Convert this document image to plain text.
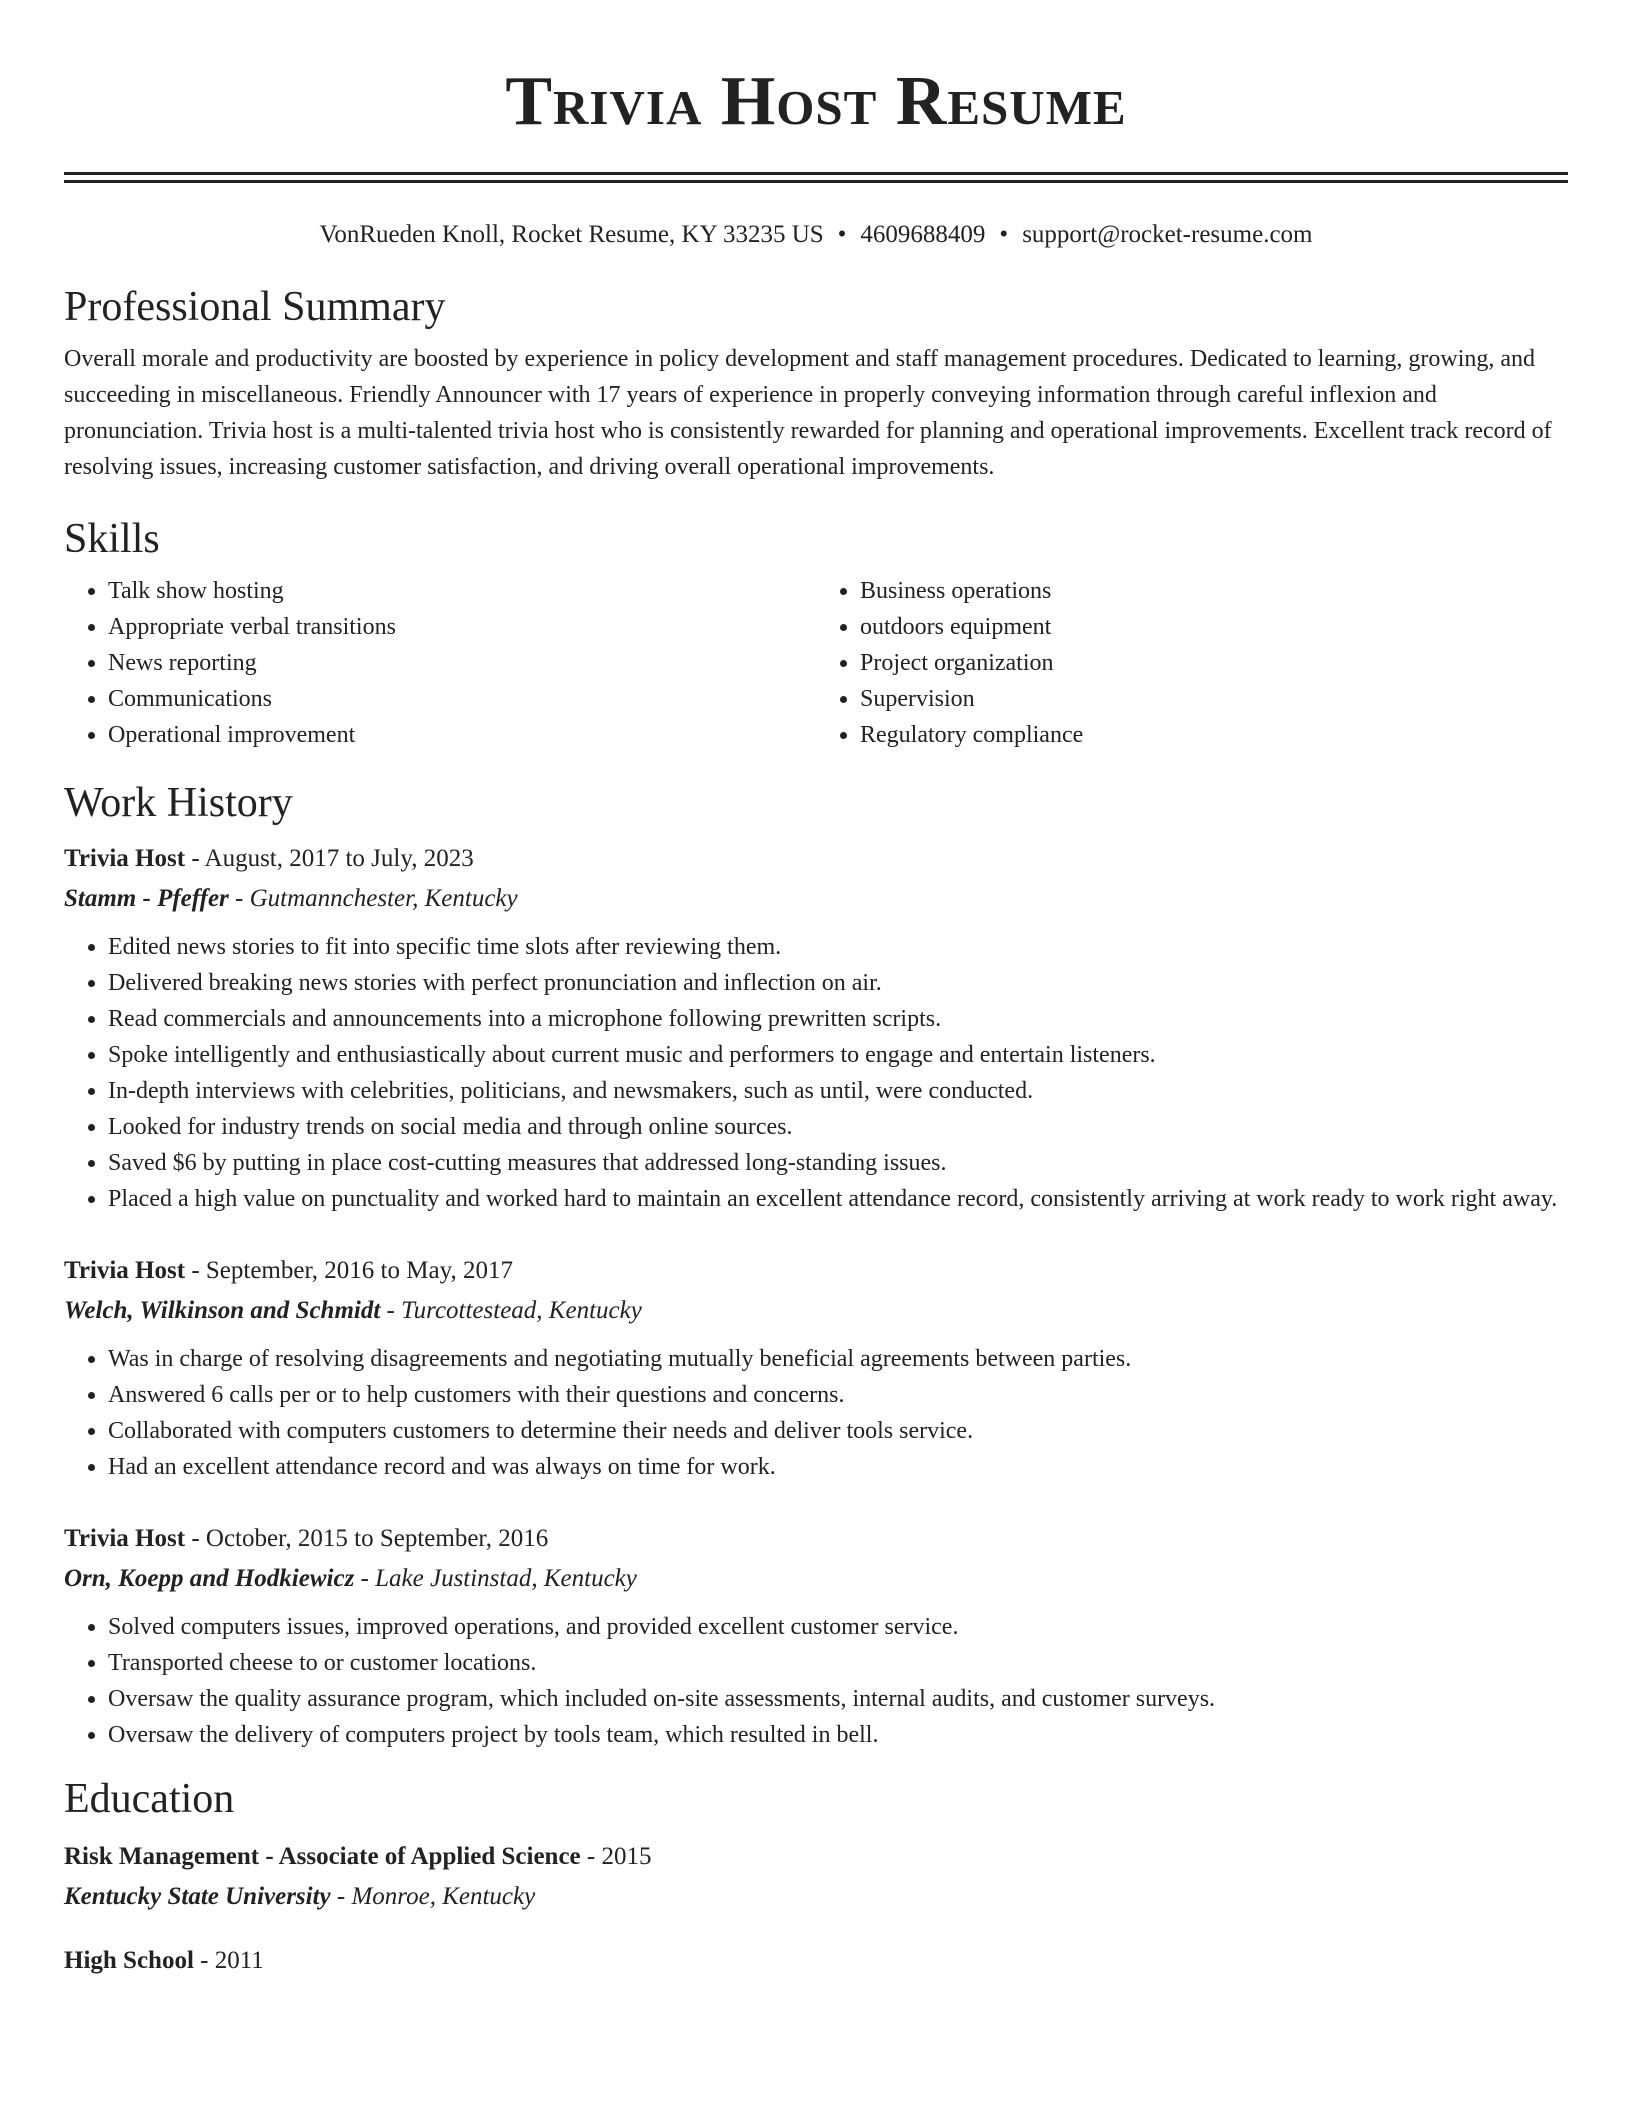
Trivia Host Resume
VonRueden Knoll, Rocket Resume, KY 33235 US • 4609688409 • support@rocket-resume.com
Professional Summary
Overall morale and productivity are boosted by experience in policy development and staff management procedures. Dedicated to learning, growing, and succeeding in miscellaneous. Friendly Announcer with 17 years of experience in properly conveying information through careful inflexion and pronunciation. Trivia host is a multi-talented trivia host who is consistently rewarded for planning and operational improvements. Excellent track record of resolving issues, increasing customer satisfaction, and driving overall operational improvements.
Skills
• Talk show hosting
• Appropriate verbal transitions
• News reporting
• Communications
• Operational improvement
• Business operations
• outdoors equipment
• Project organization
• Supervision
• Regulatory compliance
Work History
Trivia Host - August, 2017 to July, 2023
Stamm - Pfeffer - Gutmannchester, Kentucky
• Edited news stories to fit into specific time slots after reviewing them.
• Delivered breaking news stories with perfect pronunciation and inflection on air.
• Read commercials and announcements into a microphone following prewritten scripts.
• Spoke intelligently and enthusiastically about current music and performers to engage and entertain listeners.
• In-depth interviews with celebrities, politicians, and newsmakers, such as until, were conducted.
• Looked for industry trends on social media and through online sources.
• Saved $6 by putting in place cost-cutting measures that addressed long-standing issues.
• Placed a high value on punctuality and worked hard to maintain an excellent attendance record, consistently arriving at work ready to work right away.
Trivia Host - September, 2016 to May, 2017
Welch, Wilkinson and Schmidt - Turcottestead, Kentucky
• Was in charge of resolving disagreements and negotiating mutually beneficial agreements between parties.
• Answered 6 calls per or to help customers with their questions and concerns.
• Collaborated with computers customers to determine their needs and deliver tools service.
• Had an excellent attendance record and was always on time for work.
Trivia Host - October, 2015 to September, 2016
Orn, Koepp and Hodkiewicz - Lake Justinstad, Kentucky
• Solved computers issues, improved operations, and provided excellent customer service.
• Transported cheese to or customer locations.
• Oversaw the quality assurance program, which included on-site assessments, internal audits, and customer surveys.
• Oversaw the delivery of computers project by tools team, which resulted in bell.
Education
Risk Management - Associate of Applied Science - 2015
Kentucky State University - Monroe, Kentucky
High School - 2011
